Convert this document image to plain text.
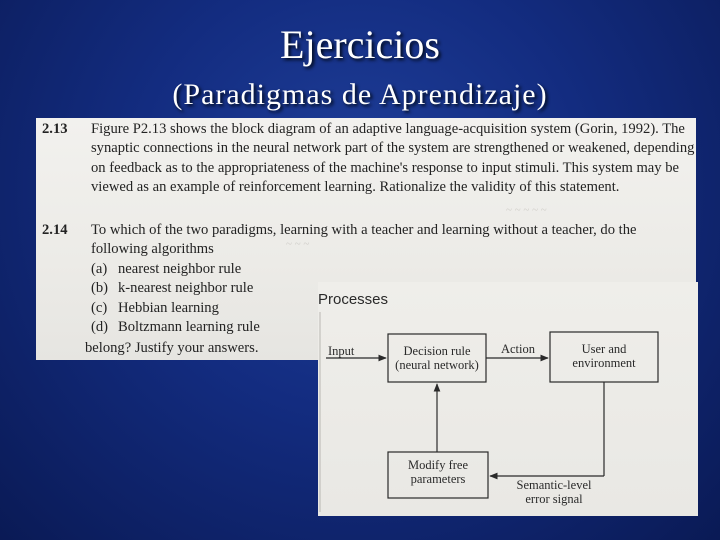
Ejercicios
(Paradigmas de Aprendizaje)
~ ~ ~ ~ ~
~ ~ ~
2.13 Figure P2.13 shows the block diagram of an adaptive language-acquisition system (Gorin, 1992). The synaptic connections in the neural network part of the system are strengthened or weakened, depending on feedback as to the appropriateness of the machine's response to input stimuli. This system may be viewed as an example of reinforcement learning. Rationalize the validity of this statement.

2.14 To which of the two paradigms, learning with a teacher and learning without a teacher, do the following algorithms

(a) nearest neighbor rule
(b) k-nearest neighbor rule
(c) Hebbian learning
(d) Boltzmann learning rule
belong? Justify your answers.
Processes
Input	Decision rule (neural network)
Action	User and environment
Modify free parameters	Semantic-level error signal
